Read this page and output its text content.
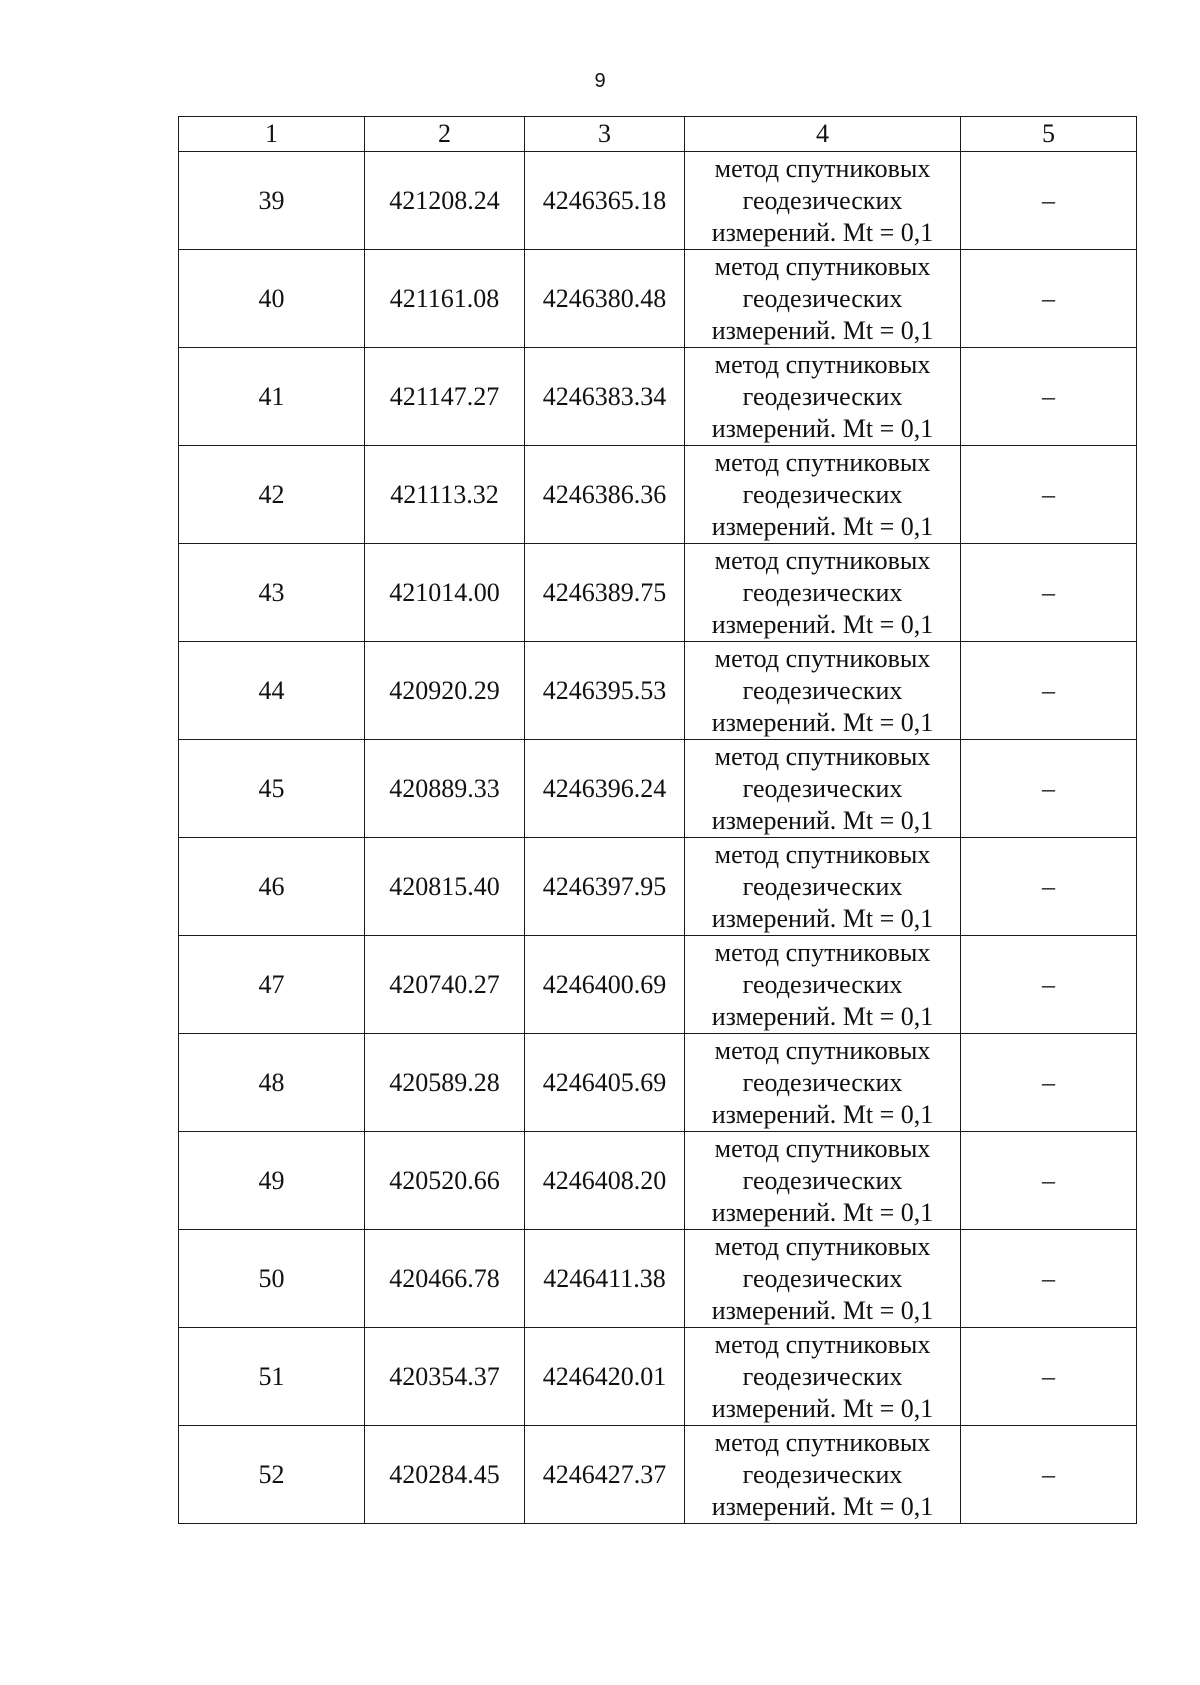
9
1	2	3	4	5
39	421208.24	4246365.18	метод спутниковых
геодезических
измерений. Mt = 0,1	–
40	421161.08	4246380.48	метод спутниковых
геодезических
измерений. Mt = 0,1	–
41	421147.27	4246383.34	метод спутниковых
геодезических
измерений. Mt = 0,1	–
42	421113.32	4246386.36	метод спутниковых
геодезических
измерений. Mt = 0,1	–
43	421014.00	4246389.75	метод спутниковых
геодезических
измерений. Mt = 0,1	–
44	420920.29	4246395.53	метод спутниковых
геодезических
измерений. Mt = 0,1	–
45	420889.33	4246396.24	метод спутниковых
геодезических
измерений. Mt = 0,1	–
46	420815.40	4246397.95	метод спутниковых
геодезических
измерений. Mt = 0,1	–
47	420740.27	4246400.69	метод спутниковых
геодезических
измерений. Mt = 0,1	–
48	420589.28	4246405.69	метод спутниковых
геодезических
измерений. Mt = 0,1	–
49	420520.66	4246408.20	метод спутниковых
геодезических
измерений. Mt = 0,1	–
50	420466.78	4246411.38	метод спутниковых
геодезических
измерений. Mt = 0,1	–
51	420354.37	4246420.01	метод спутниковых
геодезических
измерений. Mt = 0,1	–
52	420284.45	4246427.37	метод спутниковых
геодезических
измерений. Mt = 0,1	–
